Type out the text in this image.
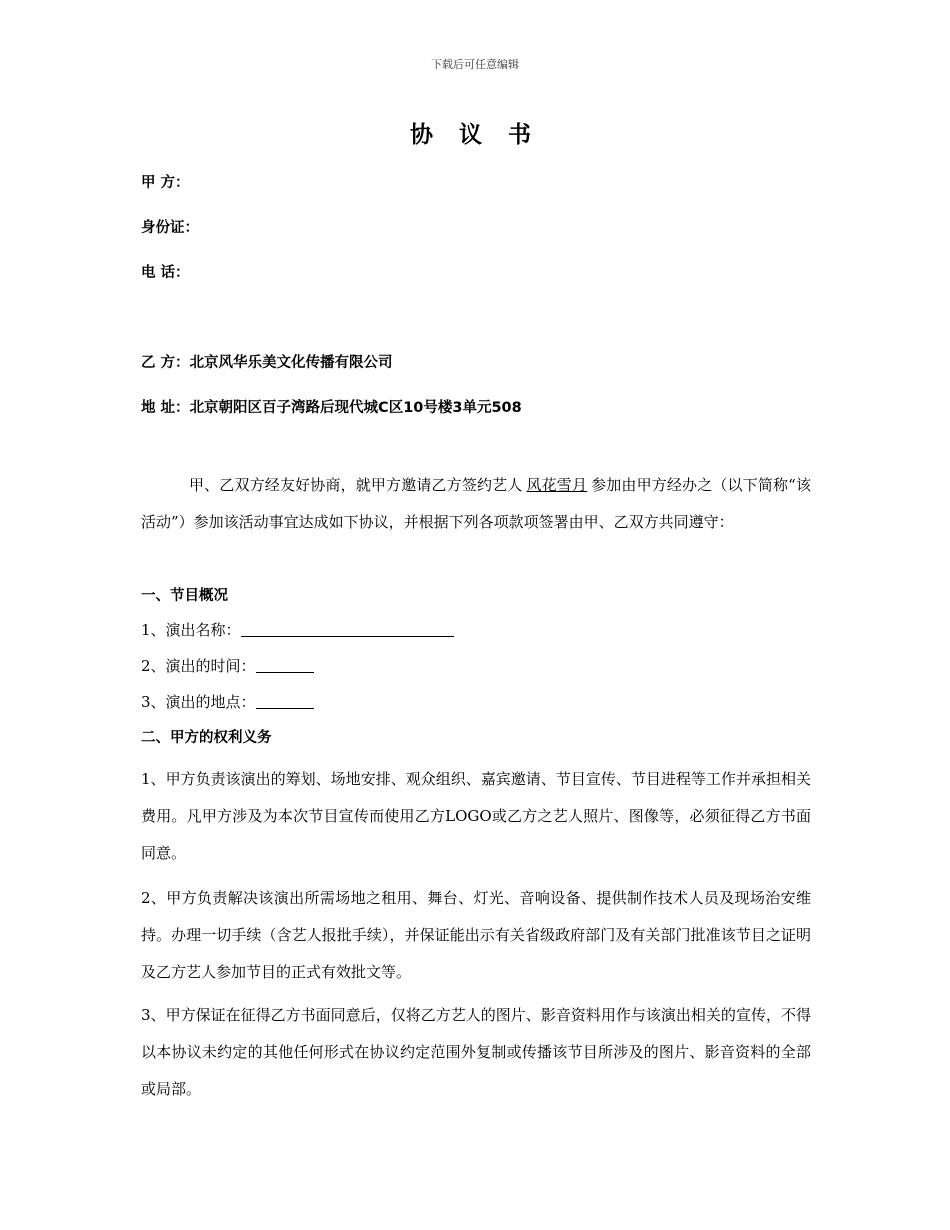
下载后可任意编辑
协 议 书
甲 方：
身份证：
电 话：
乙 方：北京风华乐美文化传播有限公司
地 址：北京朝阳区百子湾路后现代城C区10号楼3单元508
甲、乙双方经友好协商，就甲方邀请乙方签约艺人 风花雪月 参加由甲方经办之（以下简称“该活动”）参加该活动事宜达成如下协议，并根据下列各项款项签署由甲、乙双方共同遵守：
一、节目概况
1、演出名称：
2、演出的时间：
3、演出的地点：
二、甲方的权利义务
1、甲方负责该演出的筹划、场地安排、观众组织、嘉宾邀请、节目宣传、节目进程等工作并承担相关费用。凡甲方涉及为本次节目宣传而使用乙方LOGO或乙方之艺人照片、图像等，必须征得乙方书面同意。
2、甲方负责解决该演出所需场地之租用、舞台、灯光、音响设备、提供制作技术人员及现场治安维持。办理一切手续（含艺人报批手续），并保证能出示有关省级政府部门及有关部门批准该节目之证明及乙方艺人参加节目的正式有效批文等。
3、甲方保证在征得乙方书面同意后，仅将乙方艺人的图片、影音资料用作与该演出相关的宣传，不得以本协议未约定的其他任何形式在协议约定范围外复制或传播该节目所涉及的图片、影音资料的全部或局部。
